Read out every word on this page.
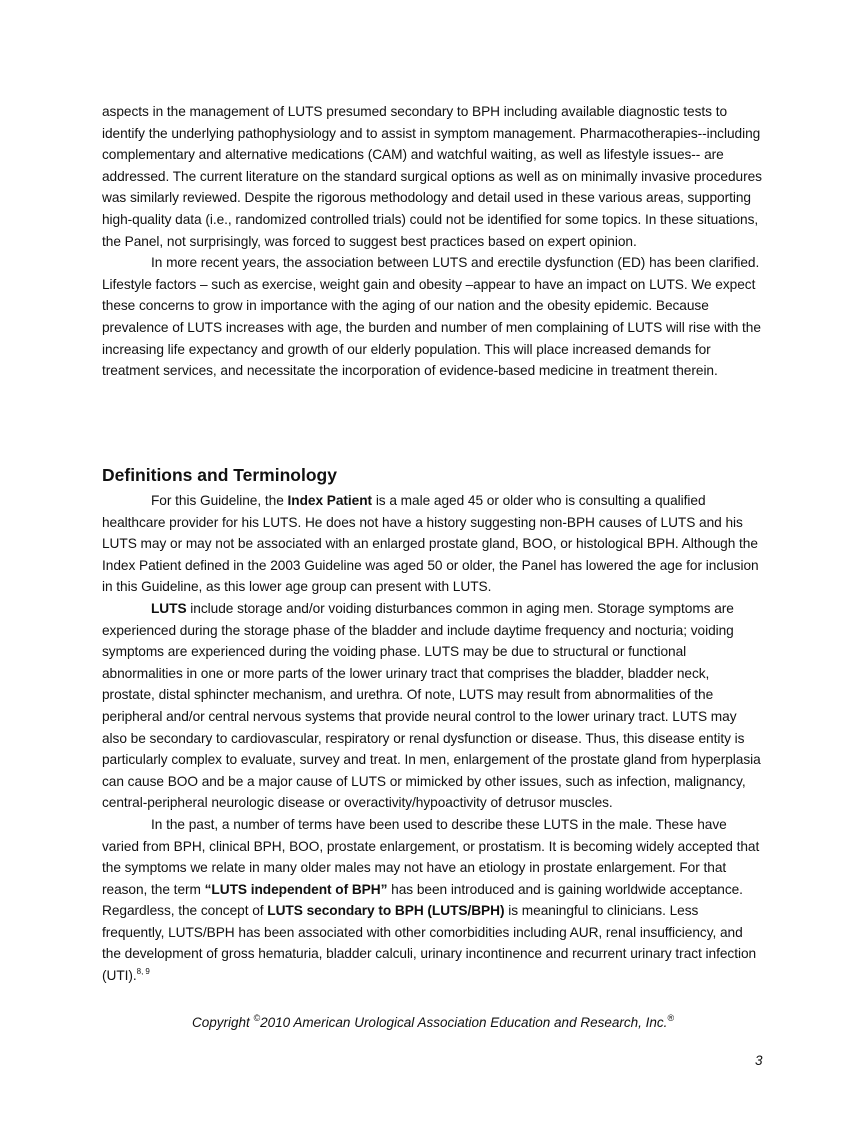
aspects in the management of LUTS presumed secondary to BPH including available diagnostic tests to identify the underlying pathophysiology and to assist in symptom management. Pharmacotherapies--including complementary and alternative medications (CAM) and watchful waiting, as well as lifestyle issues-- are addressed. The current literature on the standard surgical options as well as on minimally invasive procedures was similarly reviewed. Despite the rigorous methodology and detail used in these various areas, supporting high-quality data (i.e., randomized controlled trials) could not be identified for some topics. In these situations, the Panel, not surprisingly, was forced to suggest best practices based on expert opinion.

In more recent years, the association between LUTS and erectile dysfunction (ED) has been clarified. Lifestyle factors – such as exercise, weight gain and obesity –appear to have an impact on LUTS. We expect these concerns to grow in importance with the aging of our nation and the obesity epidemic. Because prevalence of LUTS increases with age, the burden and number of men complaining of LUTS will rise with the increasing life expectancy and growth of our elderly population. This will place increased demands for treatment services, and necessitate the incorporation of evidence-based medicine in treatment therein.

Definitions and Terminology

For this Guideline, the Index Patient is a male aged 45 or older who is consulting a qualified healthcare provider for his LUTS. He does not have a history suggesting non-BPH causes of LUTS and his LUTS may or may not be associated with an enlarged prostate gland, BOO, or histological BPH. Although the Index Patient defined in the 2003 Guideline was aged 50 or older, the Panel has lowered the age for inclusion in this Guideline, as this lower age group can present with LUTS.

LUTS include storage and/or voiding disturbances common in aging men. Storage symptoms are experienced during the storage phase of the bladder and include daytime frequency and nocturia; voiding symptoms are experienced during the voiding phase. LUTS may be due to structural or functional abnormalities in one or more parts of the lower urinary tract that comprises the bladder, bladder neck, prostate, distal sphincter mechanism, and urethra. Of note, LUTS may result from abnormalities of the peripheral and/or central nervous systems that provide neural control to the lower urinary tract. LUTS may also be secondary to cardiovascular, respiratory or renal dysfunction or disease. Thus, this disease entity is particularly complex to evaluate, survey and treat. In men, enlargement of the prostate gland from hyperplasia can cause BOO and be a major cause of LUTS or mimicked by other issues, such as infection, malignancy, central-peripheral neurologic disease or overactivity/hypoactivity of detrusor muscles.

In the past, a number of terms have been used to describe these LUTS in the male. These have varied from BPH, clinical BPH, BOO, prostate enlargement, or prostatism. It is becoming widely accepted that the symptoms we relate in many older males may not have an etiology in prostate enlargement. For that reason, the term “LUTS independent of BPH” has been introduced and is gaining worldwide acceptance. Regardless, the concept of LUTS secondary to BPH (LUTS/BPH) is meaningful to clinicians. Less frequently, LUTS/BPH has been associated with other comorbidities including AUR, renal insufficiency, and the development of gross hematuria, bladder calculi, urinary incontinence and recurrent urinary tract infection (UTI).$^{8, 9}$

Copyright ©2010 American Urological Association Education and Research, Inc.®
3
